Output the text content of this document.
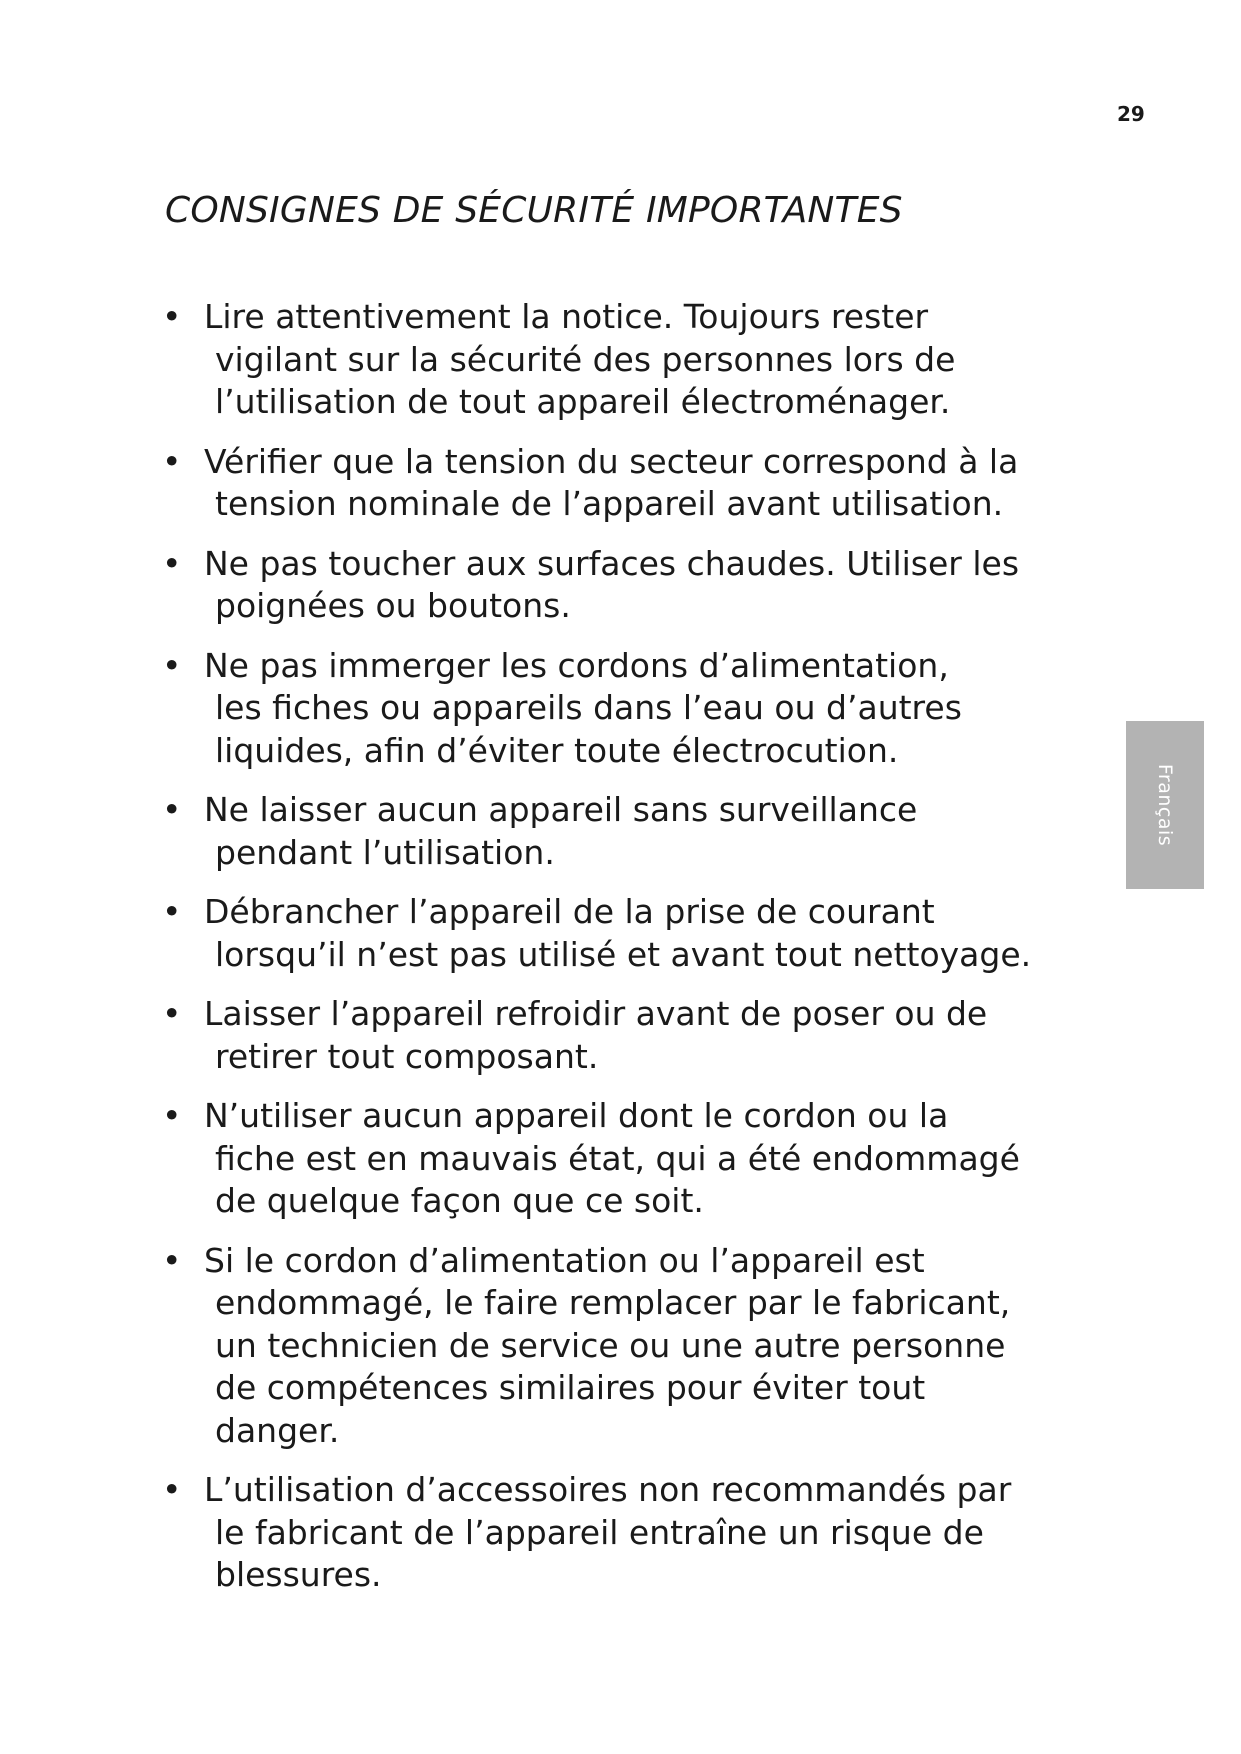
29
CONSIGNES DE SÉCURITÉ IMPORTANTES
• Lire attentivement la notice. Toujours rester
vigilant sur la sécurité des personnes lors de
l’utilisation de tout appareil électroménager.
• Vérifier que la tension du secteur correspond à la
tension nominale de l’appareil avant utilisation.
• Ne pas toucher aux surfaces chaudes. Utiliser les
poignées ou boutons.
• Ne pas immerger les cordons d’alimentation,
les fiches ou appareils dans l’eau ou d’autres
liquides, afin d’éviter toute électrocution.
• Ne laisser aucun appareil sans surveillance
pendant l’utilisation.
• Débrancher l’appareil de la prise de courant
lorsqu’il n’est pas utilisé et avant tout nettoyage.
• Laisser l’appareil refroidir avant de poser ou de
retirer tout composant.
• N’utiliser aucun appareil dont le cordon ou la
fiche est en mauvais état, qui a été endommagé
de quelque façon que ce soit.
• Si le cordon d’alimentation ou l’appareil est
endommagé, le faire remplacer par le fabricant,
un technicien de service ou une autre personne
de compétences similaires pour éviter tout
danger.
• L’utilisation d’accessoires non recommandés par
le fabricant de l’appareil entraîne un risque de
blessures.
Français
